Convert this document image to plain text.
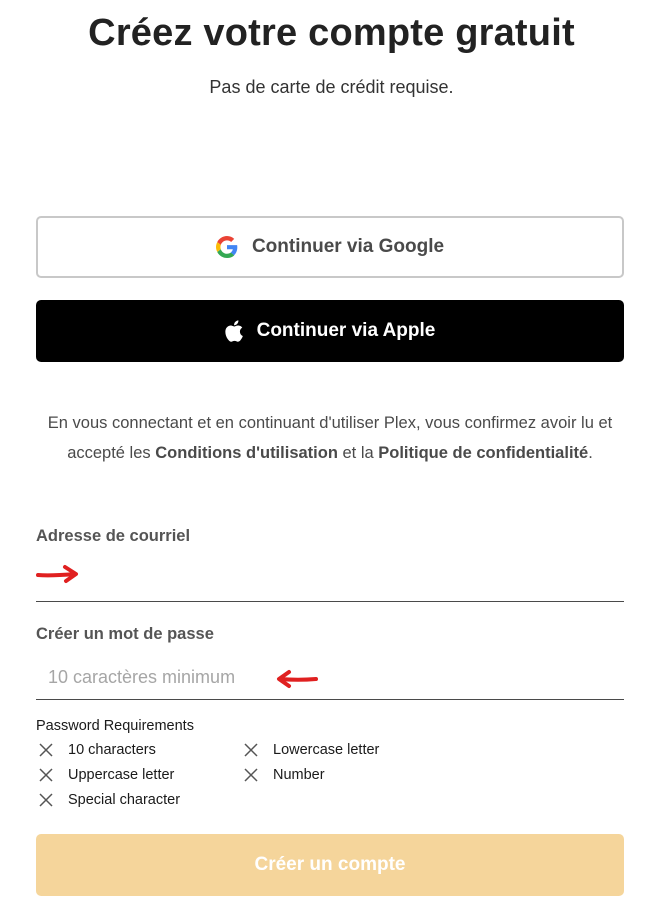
Créez votre compte gratuit
Pas de carte de crédit requise.
Continuer via Google
Continuer via Apple
En vous connectant et en continuant d'utiliser Plex, vous confirmez avoir lu et accepté les Conditions d'utilisation et la Politique de confidentialité.
Adresse de courriel
Créer un mot de passe
Password Requirements
10 characters	Lowercase letter
Uppercase letter	Number
Special character
Créer un compte
